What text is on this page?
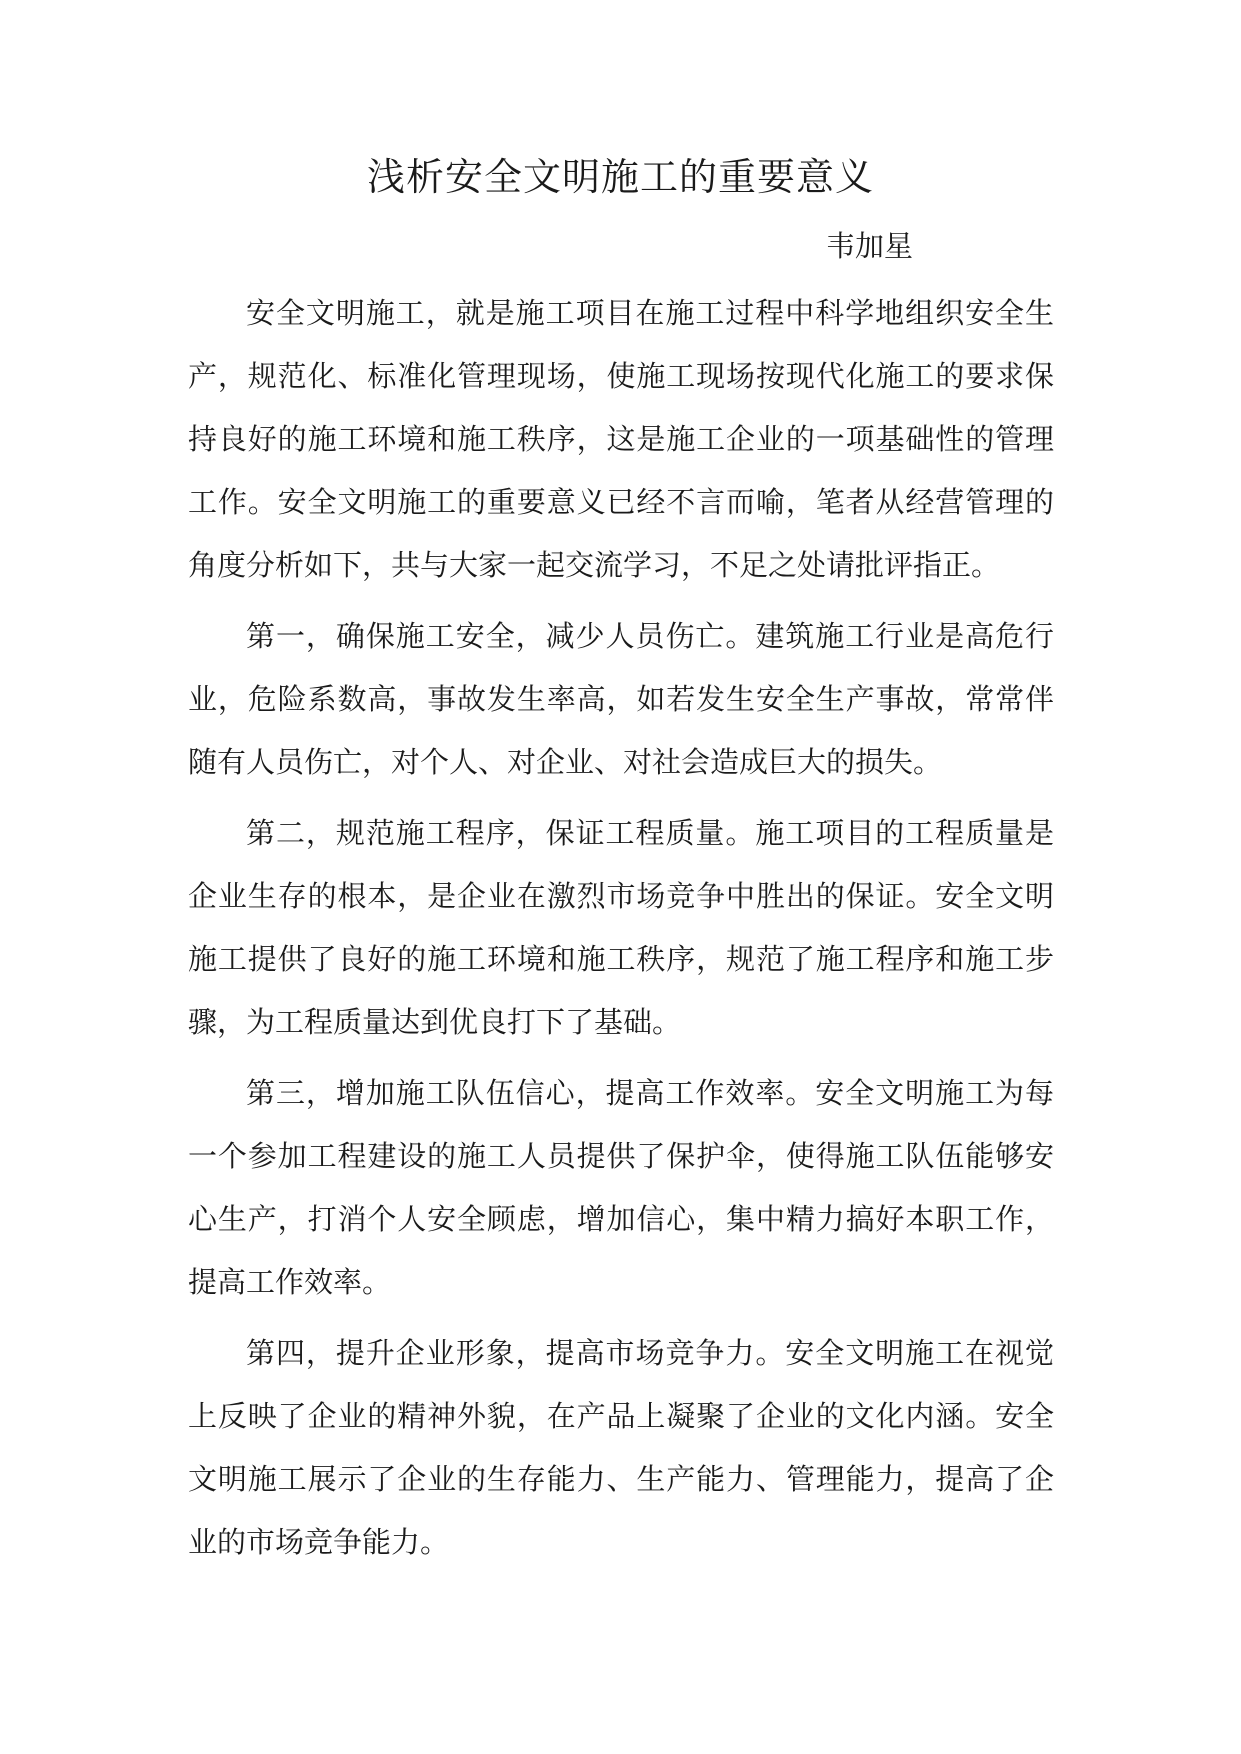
浅析安全文明施工的重要意义

韦加星

安全文明施工，就是施工项目在施工过程中科学地组织安全生产，规范化、标准化管理现场，使施工现场按现代化施工的要求保持良好的施工环境和施工秩序，这是施工企业的一项基础性的管理工作。安全文明施工的重要意义已经不言而喻，笔者从经营管理的角度分析如下，共与大家一起交流学习，不足之处请批评指正。

第一，确保施工安全，减少人员伤亡。建筑施工行业是高危行业，危险系数高，事故发生率高，如若发生安全生产事故，常常伴随有人员伤亡，对个人、对企业、对社会造成巨大的损失。

第二，规范施工程序，保证工程质量。施工项目的工程质量是企业生存的根本，是企业在激烈市场竞争中胜出的保证。安全文明施工提供了良好的施工环境和施工秩序，规范了施工程序和施工步骤，为工程质量达到优良打下了基础。

第三，增加施工队伍信心，提高工作效率。安全文明施工为每一个参加工程建设的施工人员提供了保护伞，使得施工队伍能够安心生产，打消个人安全顾虑，增加信心，集中精力搞好本职工作，提高工作效率。

第四，提升企业形象，提高市场竞争力。安全文明施工在视觉上反映了企业的精神外貌，在产品上凝聚了企业的文化内涵。安全文明施工展示了企业的生存能力、生产能力、管理能力，提高了企业的市场竞争能力。
